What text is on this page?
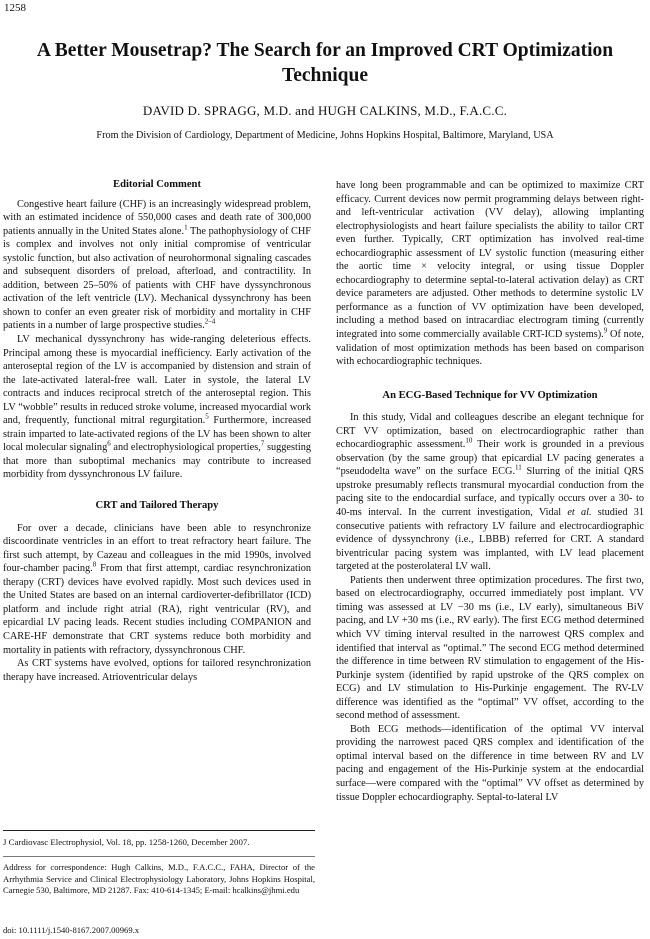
1258
A Better Mousetrap? The Search for an Improved CRT Optimization Technique
DAVID D. SPRAGG, M.D. and HUGH CALKINS, M.D., F.A.C.C.
From the Division of Cardiology, Department of Medicine, Johns Hopkins Hospital, Baltimore, Maryland, USA
Editorial Comment

Congestive heart failure (CHF) is an increasingly widespread problem, with an estimated incidence of 550,000 cases and death rate of 300,000 patients annually in the United States alone.$^1$ The pathophysiology of CHF is complex and involves not only initial compromise of ventricular systolic function, but also activation of neurohormonal signaling cascades and subsequent disorders of preload, afterload, and contractility. In addition, between 25–50% of patients with CHF have dyssynchronous activation of the left ventricle (LV). Mechanical dyssynchrony has been shown to confer an even greater risk of morbidity and mortality in CHF patients in a number of large prospective studies.$^{2-4}$

LV mechanical dyssynchrony has wide-ranging deleterious effects. Principal among these is myocardial inefficiency. Early activation of the anteroseptal region of the LV is accompanied by distension and strain of the late-activated lateral-free wall. Later in systole, the lateral LV contracts and induces reciprocal stretch of the anteroseptal region. This LV “wobble” results in reduced stroke volume, increased myocardial work and, frequently, functional mitral regurgitation.$^5$ Furthermore, increased strain imparted to late-activated regions of the LV has been shown to alter local molecular signaling$^6$ and electrophysiological properties,$^7$ suggesting that more than suboptimal mechanics may contribute to increased morbidity from dyssynchronous LV failure.

CRT and Tailored Therapy

For over a decade, clinicians have been able to resynchronize discoordinate ventricles in an effort to treat refractory heart failure. The first such attempt, by Cazeau and colleagues in the mid 1990s, involved four-chamber pacing.$^8$ From that first attempt, cardiac resynchronization therapy (CRT) devices have evolved rapidly. Most such devices used in the United States are based on an internal cardioverter-defibrillator (ICD) platform and include right atrial (RA), right ventricular (RV), and epicardial LV pacing leads. Recent studies including COMPANION and CARE-HF demonstrate that CRT systems reduce both morbidity and mortality in patients with refractory, dyssynchronous CHF.

As CRT systems have evolved, options for tailored resynchronization therapy have increased. Atrioventricular delays

have long been programmable and can be optimized to maximize CRT efficacy. Current devices now permit programming delays between right- and left-ventricular activation (VV delay), allowing implanting electrophysiologists and heart failure specialists the ability to tailor CRT even further. Typically, CRT optimization has involved real-time echocardiographic assessment of LV systolic function (measuring either the aortic time × velocity integral, or using tissue Doppler echocardiography to determine septal-to-lateral activation delay) as CRT device parameters are adjusted. Other methods to determine systolic LV performance as a function of VV optimization have been developed, including a method based on intracardiac electrogram timing (currently integrated into some commercially available CRT-ICD systems).$^9$ Of note, validation of most optimization methods has been based on comparison with echocardiographic techniques.

An ECG-Based Technique for VV Optimization

In this study, Vidal and colleagues describe an elegant technique for CRT VV optimization, based on electrocardiographic rather than echocardiographic assessment.$^{10}$ Their work is grounded in a previous observation (by the same group) that epicardial LV pacing generates a “pseudodelta wave” on the surface ECG.$^{11}$ Slurring of the initial QRS upstroke presumably reflects transmural myocardial conduction from the pacing site to the endocardial surface, and typically occurs over a 30- to 40-ms interval. In the current investigation, Vidal et al. studied 31 consecutive patients with refractory LV failure and electrocardiographic evidence of dyssynchrony (i.e., LBBB) referred for CRT. A standard biventricular pacing system was implanted, with LV lead placement targeted at the posterolateral LV wall.

Patients then underwent three optimization procedures. The first two, based on electrocardiography, occurred immediately post implant. VV timing was assessed at LV −30 ms (i.e., LV early), simultaneous BiV pacing, and LV +30 ms (i.e., RV early). The first ECG method determined which VV timing interval resulted in the narrowest QRS complex and identified that interval as “optimal.” The second ECG method determined the difference in time between RV stimulation to engagement of the His-Purkinje system (identified by rapid upstroke of the QRS complex on ECG) and LV stimulation to His-Purkinje engagement. The RV-LV difference was identified as the “optimal” VV offset, according to the second method of assessment.

Both ECG methods—identification of the optimal VV interval providing the narrowest paced QRS complex and identification of the optimal interval based on the difference in time between RV and LV pacing and engagement of the His-Purkinje system at the endocardial surface—were compared with the “optimal” VV offset as determined by tissue Doppler echocardiography. Septal-to-lateral LV

J Cardiovasc Electrophysiol, Vol. 18, pp. 1258-1260, December 2007.

Address for correspondence: Hugh Calkins, M.D., F.A.C.C., FAHA, Director of the Arrhythmia Service and Clinical Electrophysiology Laboratory, Johns Hopkins Hospital, Carnegie 530, Baltimore, MD 21287. Fax: 410-614-1345; E-mail: hcalkins@jhmi.edu

doi: 10.1111/j.1540-8167.2007.00969.x
